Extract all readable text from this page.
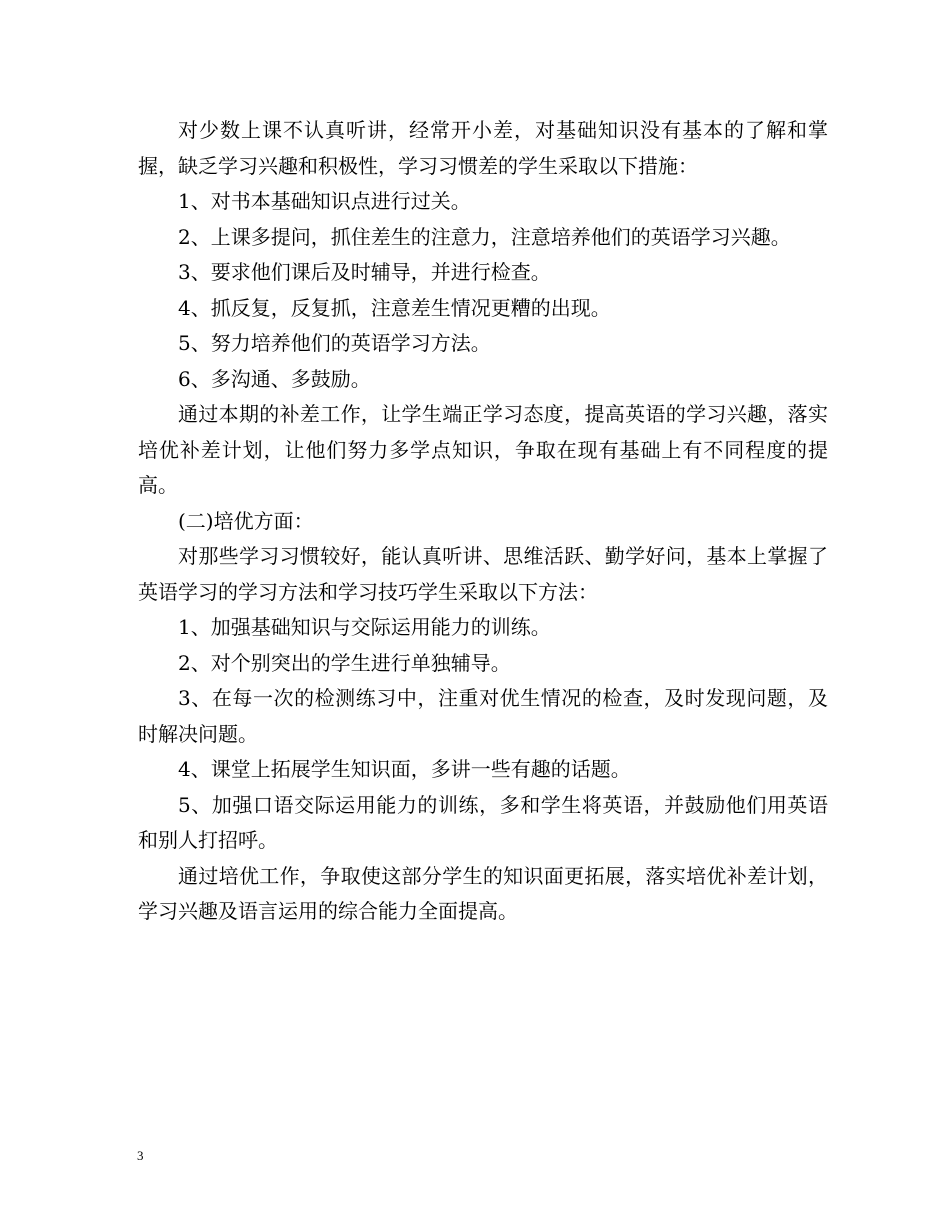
对少数上课不认真听讲，经常开小差，对基础知识没有基本的了解和掌握，缺乏学习兴趣和积极性，学习习惯差的学生采取以下措施：

1、对书本基础知识点进行过关。

2、上课多提问，抓住差生的注意力，注意培养他们的英语学习兴趣。

3、要求他们课后及时辅导，并进行检查。

4、抓反复，反复抓，注意差生情况更糟的出现。

5、努力培养他们的英语学习方法。

6、多沟通、多鼓励。

通过本期的补差工作，让学生端正学习态度，提高英语的学习兴趣，落实培优补差计划，让他们努力多学点知识，争取在现有基础上有不同程度的提高。

(二)培优方面：

对那些学习习惯较好，能认真听讲、思维活跃、勤学好问，基本上掌握了英语学习的学习方法和学习技巧学生采取以下方法：

1、加强基础知识与交际运用能力的训练。

2、对个别突出的学生进行单独辅导。

3、在每一次的检测练习中，注重对优生情况的检查，及时发现问题，及时解决问题。

4、课堂上拓展学生知识面，多讲一些有趣的话题。

5、加强口语交际运用能力的训练，多和学生将英语，并鼓励他们用英语和别人打招呼。

通过培优工作，争取使这部分学生的知识面更拓展，落实培优补差计划，学习兴趣及语言运用的综合能力全面提高。

3
